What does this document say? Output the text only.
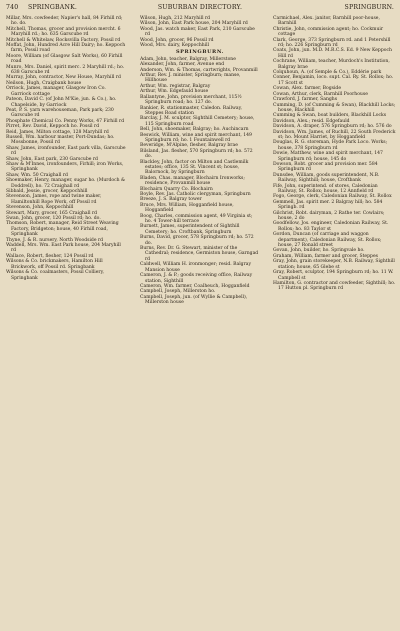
740 SPRINGBANK.	SUBURBAN DIRECTORY.	SPRINGBURN.

Millar, Mrs. cowfeeder, Napier's hall, 84 Firhill rd; ho. do.

Mitchell, Thomas, grocer and provision mercht. 6 Maryhill rd.; ho. 635 Garscube rd

Mitchell & Whitelaw, Rocksvilla Factory, Possil rd

Moffat, John, Hundred Acre Hill Dairy; ho. Keppoch farm, Possil road

Moore, William (of Glasgow Salt Works), 60 Firhill road

Munro, Mrs. Daniel, spirit merc. 2 Maryhill rd.; ho. 638 Garscube rd

Murray, John, contractor, New House, Maryhill rd

Neilson, Hugh, Craigbank house

Orriock, James, manager, Glasgow Iron Co. Garriock cottage

Pateon, David C. (of John M'Kie, jun. & Co.), ho. Chapelside, by Garriock

Peat, P. S. yarn warehouseman, Park park; 230 Garscube rd

Phosphate Chemical Co. Penny Works, 47 Firhill rd

Pirret, Rev. David, Keppoch ho. Possil rd

Reid, James, Milton cottage, 128 Maryhill rd

Russell, Wm. harbour master, Port-Dundas; ho. Mossbonne, Possil rd

Shaw, James, ironfounder, East park villa, Garscube rd

Shaw, John, East park, 230 Garscube rd

Shaw & M'Innes, ironfounders, Firhill; iron Works, Springbank

Shaw, Wm. 50 Craighall rd

Shoemaker, Henry, manager, sugar ho. (Murdoch & Doddrell), ho. 72 Craighall rd

Sibbald, Jessie, grocer, Keppochhill

Stevenson, James, rope and twine maker, Hamiltonhill Rope Work, off Possil rd

Stevenson, John, Keppochhill

Stewart, Mary, grocer, 165 Craighall rd

Swan, John, grocer, 120 Possil rd; ho. do.

Thomson, Robert, manager, Reid Street Weaving Factory, Bridgeton; house, 40 Firhill road, Springbank

Thyne, J. & R. nursery, North Woodside rd

Waddell, Mrs. Wm. East Park house, 204 Maryhill rd

Wallace, Robert, flesher, 124 Possil rd

Wilsons & Co. brickmakers, Hamilton Hill Brickwork, off Possil rd. Springbank

Wilsons & Co. coalmasters, Possil Colliery, Springbank

Wilson, Hugh, 212 Maryhill rd

Wilson, John, East Park house, 204 Maryhill rd

Wood, Jas. watch maker, East Park, 210 Garscube rd

Wood, John, grocer, 96 Possil rd

Wood, Mrs. dairy, Keppochhill

SPRINGBURN.

Adam, John, teacher, Balgray, Millerstone

Alexander, John, farmer, Avenue end

Anderson, Wm. & Thomas, cartwrights, Provanmill

Arthur, Rev. J. minister, Springburn; manse, Hillhouse

Arthur, Wm. registrar, Balgray

Arthur, Wm. Edgefauld house

Ballantyne, John, provision merchant, 115½ Springburn road; ho. 127 do.

Bankier, R. stationmaster, Caledon. Railway, Steppes Road station

Barclay, J. M. sculptor, Sighthill Cemetery; house, 115 Springburn road

Bell, John, shoemaker, Balgray; ho. Auchincarn

Beswick, William, wine and spirit merchant, 149 Springburn rd; ho. 1 Fountainwell rd

Beveridge, M'Alpine, flesher, Balgray brae

Bilsland, Jas. flesher, 570 Springburn rd; ho. 572 do.

Blackley, John, factor on Milton and Castlemilk estates; office, 135 St. Vincent st; house, Balornock, by Springburn

Bladen, Chas. manager, Blochairn Ironworks; residence, Provanmill house

Blochairn Quarry Co. Blochairn

Boyle, Rev. Jas. Catholic clergyman, Springburn

Breeze, J. S. Balgray tower

Bruce, Mrs. William, Hogganfield house, Hogganfield

Boog, Charles, commission agent, 49 Virginia st; ho. 4 Tower-hill terrace

Burnett, James, superintendent of Sighthill Cemetery; ho. Croftbank, Springburn

Burns, David, grocer, 578 Springburn rd; ho. 572 do.

Burns, Rev. Dr. G. Stewart, minister of the Cathedral; residence, Germiston house, Garngad rd

Caldwell, William H. ironmonger; resid. Balgray Mansion house

Cameron, J. & P.; goods receiving office, Railway station, Sighthill

Cameron, Wm. farmer, Coalheuch, Hogganfield

Campbell, Joseph, Millerston ho.

Campbell, Joseph, jun. (of Wyllie & Campbell), Millerston house

Carmichael, Alex. janitor, Barnhill poor-house, Barnhill

Christie, John, commission agent; ho. Cockmuir cottage

Clark, George, 373 Springburn rd. and 1 Petershill rd; ho. 226 Springburn rd

Coats, John, jun. M.D. M.R.C.S. Ed. 9 New Keppoch Hill rd

Cochrane, William, teacher, Murdoch's Institution, Balgray brae

Colquhoun, A. (of Semple & Co.), Eddérie park

Conner, Benjamin, loco. supt. Cal. Ry. St. Rollox; ho. 17 Scott st

Cowan, Alex. farmer, Bogside

Cowan, Arthur, clerk, Barnhill Poorhouse

Crawford, J. farmer, Sanghs

Cumming, D. (of Cumming & Swan), Blackhill Locks; house, Blackhill

Cumming & Swan, boat builders, Blackhill Locks

Davidson, Alex.; resid. Edgefauld

Davidson, A. draper, 576 Springburn rd; ho. 576 do

Davidson, Wm. James, of Ruchill, 22 South Frederick st; ho. Mount Harriet, by Hogganfield

Douglas, R. G. storeman, Hyde Park Loco. Works; house, 378 Springburn rd

Dowie, Matthew, wine and spirit merchant, 147 Springburn rd; house, 145 do

Dowson, Robt. grocer and provision mer. 584 Springburn rd

Dunsdee, William, goods superintendent, N.B. Railway, Sighthill; house, Croftbank

Fife, John, superintend. of stores, Caledonian Railway, St. Rollox; house, 12 Annfield rd

Fogo, George, clerk, Caledonian Railway, St. Rollox

Gemmell, Jas. spirit mer. 2 Balgray hill; ho. 584 Springb. rd

Gilchrist, Robt. dairyman, 2 Rathe ter. Cowlairs; house, 2 do

Goodfellow, Jos. engineer, Caledonian Railway, St. Rollox; ho. 83 Taylor st

Gordon, Duncan (of carriage and waggon department), Caledonian Railway, St. Rollox; house, 27 Ronald street

Govan, John, builder, ho. Springvale ho.

Graham, William, farmer and grocer, Steppes

Gray, John, grain storekeeper, N.B. Railway, Sighthill station; house, 65 Glebe st

Gray, Robert, sculptor, 194 Springburn rd; ho. 11 W. Campbell st

Hamilton, G. contractor and cowfeeder, Sighthill; ho. 17 Hutton pl. Springburn rd
